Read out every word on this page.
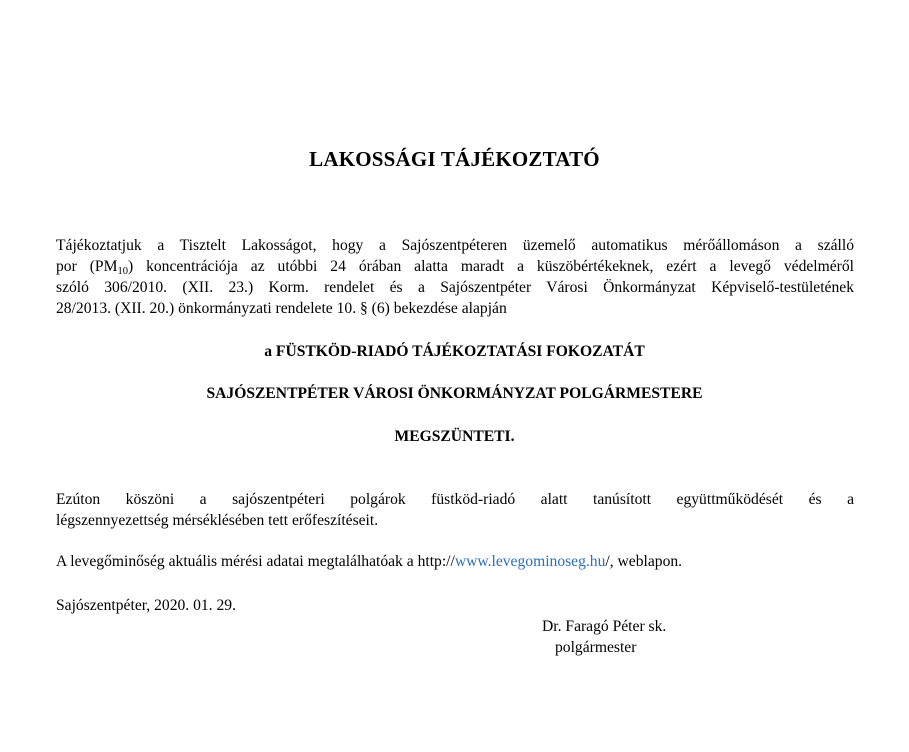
LAKOSSÁGI TÁJÉKOZTATÓ
Tájékoztatjuk a Tisztelt Lakosságot, hogy a Sajószentpéteren üzemelő automatikus mérőállomáson a szálló
por $(PM_{10})$ koncentrációja az utóbbi 24 órában alatta maradt a küszöbértékeknek, ezért a levegő védelméről
szóló 306/2010. (XII. 23.) Korm. rendelet és a Sajószentpéter Városi Önkormányzat Képviselő-testületének
28/2013. (XII. 20.) önkormányzati rendelete 10. § (6) bekezdése alapján
a FÜSTKÖD-RIADÓ TÁJÉKOZTATÁSI FOKOZATÁT
SAJÓSZENTPÉTER VÁROSI ÖNKORMÁNYZAT POLGÁRMESTERE
MEGSZÜNTETI.
Ezúton köszöni a sajószentpéteri polgárok füstköd-riadó alatt tanúsított együttműködését és a
légszennyezettség mérséklésében tett erőfeszítéseit.
A levegőminőség aktuális mérési adatai megtalálhatóak a http://www.levegominoseg.hu/, weblapon.
Sajószentpéter, 2020. 01. 29.
Dr. Faragó Péter sk.
polgármester
